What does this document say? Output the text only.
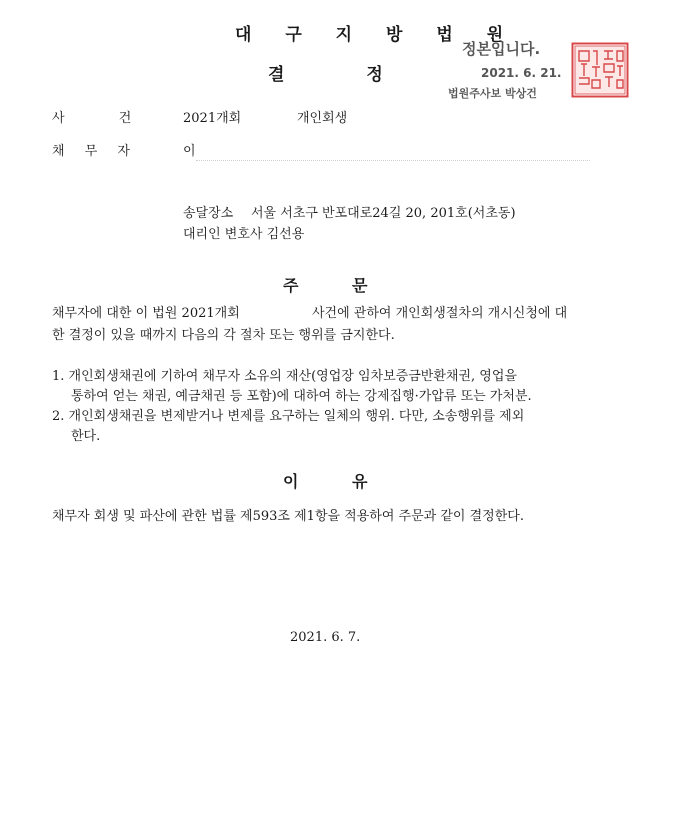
대 구 지 방 법 원
결 정
정본입니다.
2021. 6. 21.
법원주사보 박상건
사 건	2021개회	개인회생
채 무 자	이
송달장소 서울 서초구 반포대로24길 20, 201호(서초동)
대리인 변호사 김선용
주 문
채무자에 대한 이 법원 2021개회	사건에 관하여 개인회생절차의 개시신청에 대
한 결정이 있을 때까지 다음의 각 절차 또는 행위를 금지한다.
1. 개인회생채권에 기하여 채무자 소유의 재산(영업장 임차보증금반환채권, 영업을
통하여 얻는 채권, 예금채권 등 포함)에 대하여 하는 강제집행·가압류 또는 가처분.
2. 개인회생채권을 변제받거나 변제를 요구하는 일체의 행위. 다만, 소송행위를 제외
한다.
이 유
채무자 회생 및 파산에 관한 법률 제593조 제1항을 적용하여 주문과 같이 결정한다.
2021. 6. 7.
